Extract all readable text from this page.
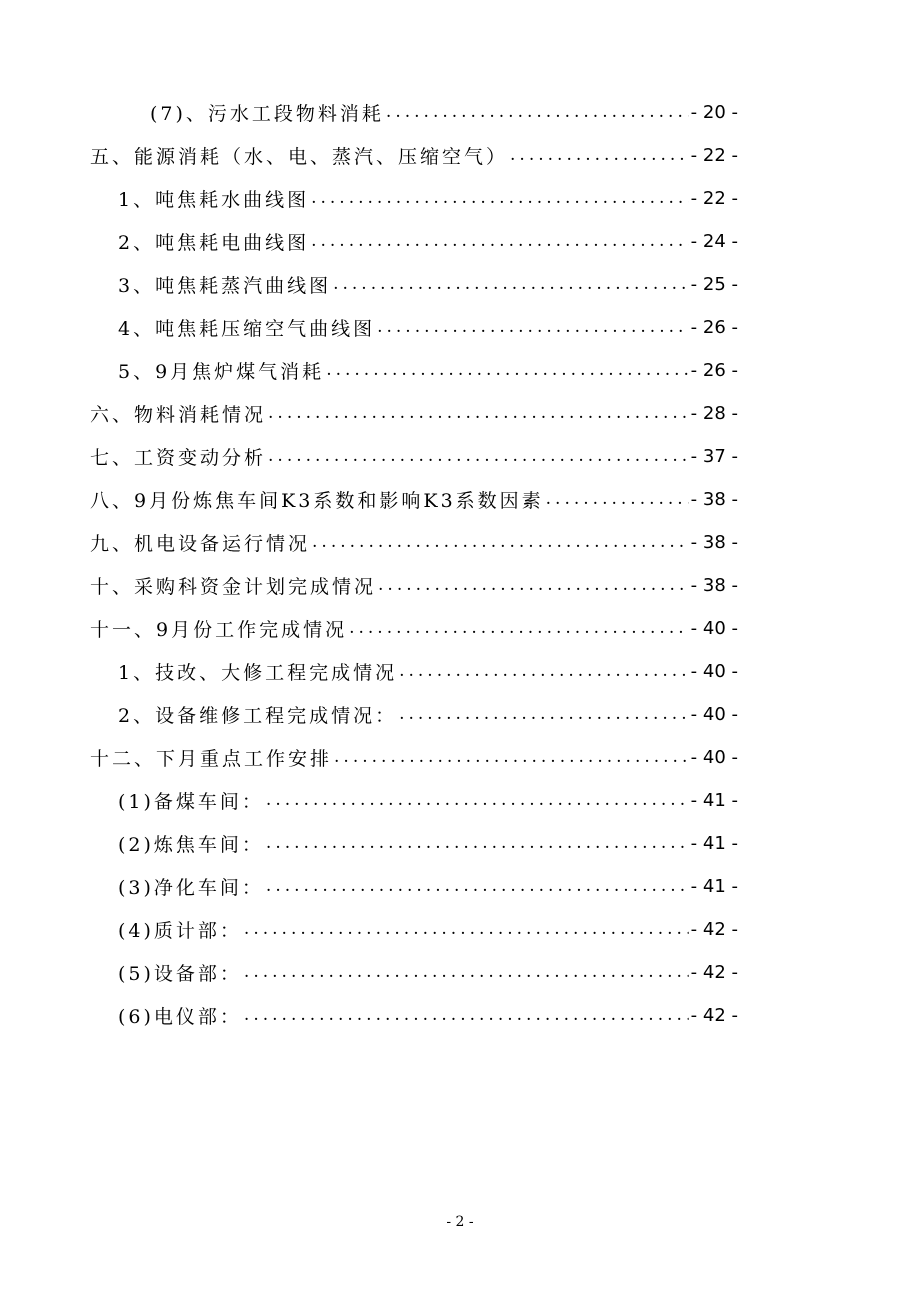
(7)、污水工段物料消耗 .....	- 20 -
五、能源消耗（水、电、蒸汽、压缩空气） .....	- 22 -
1、吨焦耗水曲线图 .....	- 22 -
2、吨焦耗电曲线图 .....	- 24 -
3、吨焦耗蒸汽曲线图 .....	- 25 -
4、吨焦耗压缩空气曲线图 .....	- 26 -
5、9月焦炉煤气消耗 .....	- 26 -
六、物料消耗情况 .....	- 28 -
七、工资变动分析 .....	- 37 -
八、9月份炼焦车间K3系数和影响K3系数因素 .....	- 38 -
九、机电设备运行情况 .....	- 38 -
十、采购科资金计划完成情况 .....	- 38 -
十一、9月份工作完成情况 .....	- 40 -
1、技改、大修工程完成情况 .....	- 40 -
2、设备维修工程完成情况： .....	- 40 -
十二、下月重点工作安排 .....	- 40 -
(1)备煤车间： .....	- 41 -
(2)炼焦车间： .....	- 41 -
(3)净化车间： .....	- 41 -
(4)质计部： .....	- 42 -
(5)设备部： .....	- 42 -
(6)电仪部： .....	- 42 -
- 2 -
